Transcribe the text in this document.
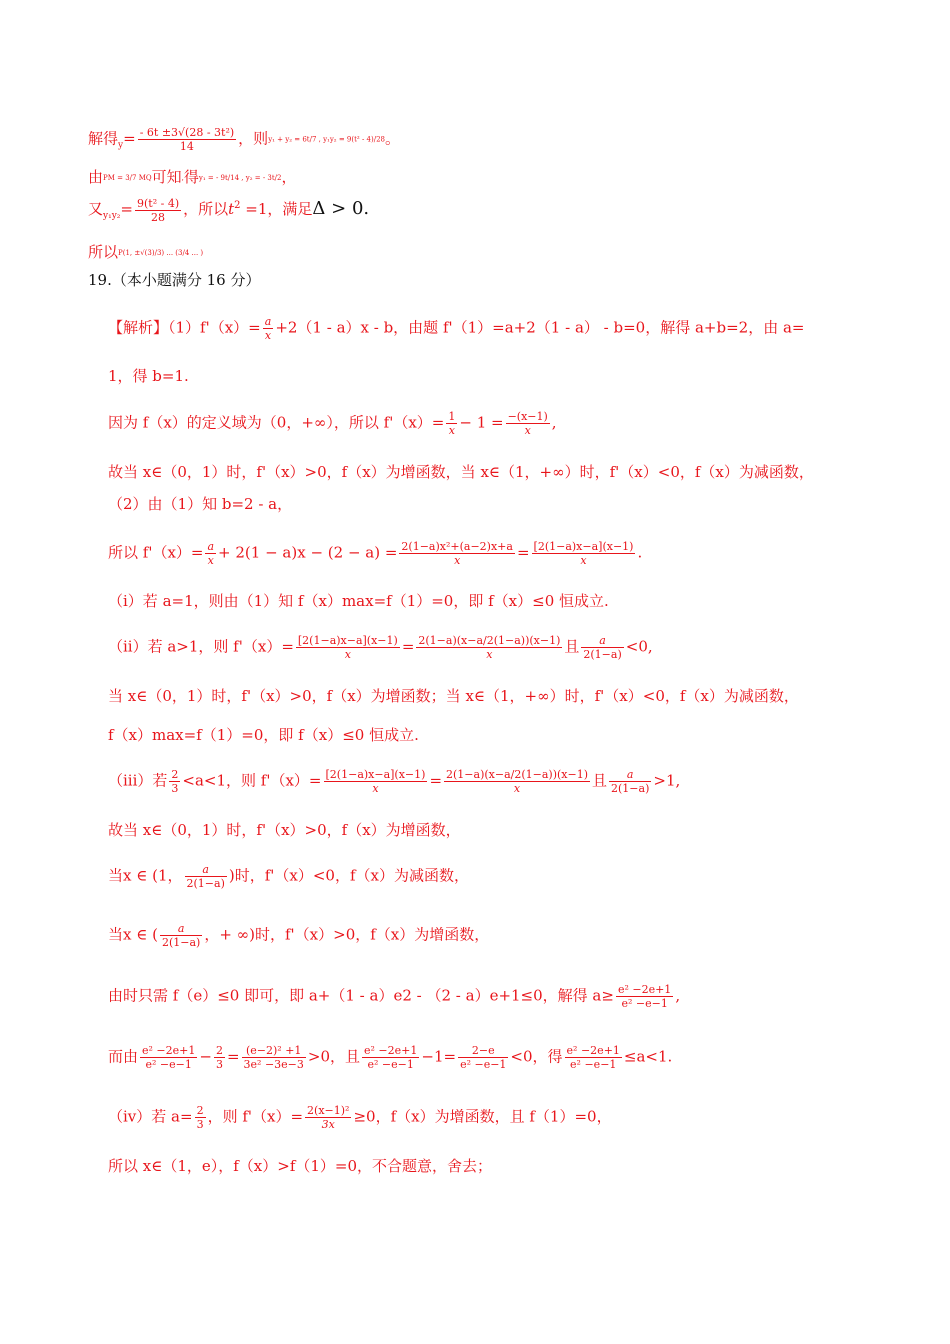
解得$_y= \frac{\text{- 6t ±3√(28 - 3t²)}}{14}$ ，则y₁ + y₂ = 6t/7 , y₁y₂ = 9(t² - 4)/28。
由PM = 3/7 MQ可知,得y₁ = - 9t/14 , y₂ = - 3t/2，
又$_{y_1y_2}= \frac{\text{9(t² - 4)}}{28}$ ，所以$t^2 =1$，满足Δ > 0.
所以P(1, ±√(3)/3) ... (3/4 ... )
19.（本小题满分 16 分）
【解析】$(1)f'(x)= \frac{a}{x} +2(1 - a)x - b$，由题 f'（1）=a+2（1 - a） - b=0，解得 a+b=2，由 a=
1，得 b=1.
因为 f（x）的定义域为（0，+∞），所以 $f'(x)= \frac{1}{x} - 1 = \frac{-(x-1)}{x}$ ,
故当 x∈（0，1）时，f'（x）>0，f（x）为增函数，当 x∈（1，+∞）时，f'（x）<0，f（x）为减函数，
（2）由（1）知 b=2 - a，
所以 $f'(x)= \frac{a}{x} + 2(1 - a)x - (2 - a) = \frac{\text{2(1−a)x²+(a−2)x+a}}{x} = \frac{[2(1-a)x-a](x-1)}{x}$ .
（i）若 a=1，则由（1）知 f（x）max=f（1）=0，即 f（x）≤0 恒成立.
（ii）若 a>1，则 $f'(x)= \frac{[2(1-a)x-a](x-1)}{x} = \frac{2(1-a)(x-a/2(1-a))(x-1)}{x}$ 且 $\frac{a}{2(1-a)} <0$,
当 x∈（0，1）时，f'（x）>0，f（x）为增函数；当 x∈（1，+∞）时，f'（x）<0，f（x）为减函数，
f（x）max=f（1）=0，即 f（x）≤0 恒成立.
（iii）若 $\frac{2}{3} <a<1$，则 $f'(x)= \frac{[2(1-a)x-a](x-1)}{x} = \frac{2(1-a)(x-a/2(1-a))(x-1)}{x}$ 且 $\frac{a}{2(1-a)} >1$,
故当 x∈（0，1）时，f'（x）>0，f（x）为增函数，
当x ∈ (1， $\frac{a}{2(1-a)}$ )时，f'（x）<0，f（x）为减函数，
当x ∈ ( $\frac{a}{2(1-a)}$ ，+ ∞)时，f'（x）>0，f（x）为增函数，
由时只需 f（e）≤0 即可，即 a+（1 - a）e2 - （2 - a）e+1≤0，解得 $a\ge \frac{\text{e² −2e+1}}{\text{e² −e−1}}$ ,
而由 $\frac{\text{e² −2e+1}}{\text{e² −e−1}} - \frac{2}{3} = \frac{\text{(e−2)² +1}}{\text{3e² −3e−3}} >0$，且 $\frac{\text{e² −2e+1}}{\text{e² −e−1}} -1= \frac{2-e}{\text{e² −e−1}} <0$，得 $\frac{\text{e² −2e+1}}{\text{e² −e−1}} \le a<1$.
（iv）若 $a= \frac{2}{3}$ ，则 $f'(x)= \frac{\text{2(x−1)²}}{3x} \ge 0$，f（x）为增函数，且 f（1）=0，
所以 x∈（1，e），f（x）>f（1）=0，不合题意，舍去；
